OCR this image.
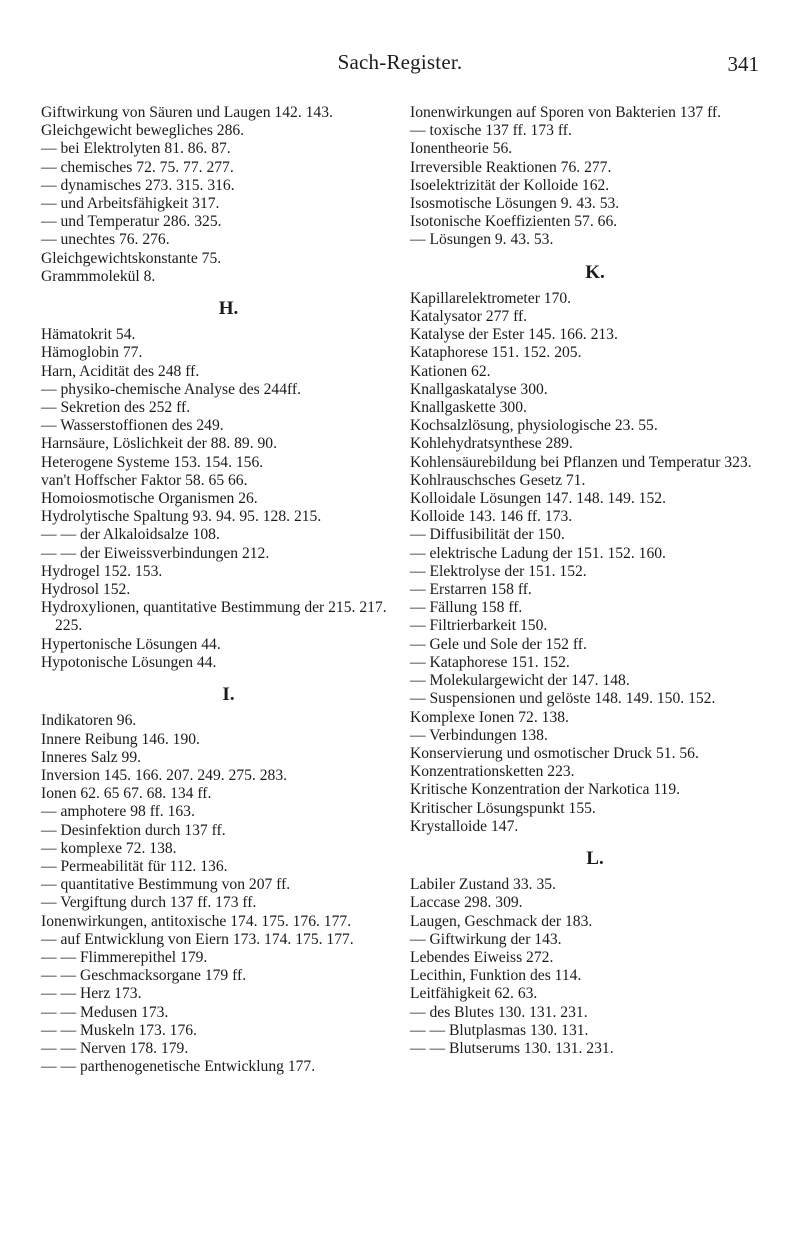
Sach-Register.	341
Giftwirkung von Säuren und Laugen 142. 143.
Gleichgewicht bewegliches 286.
— bei Elektrolyten 81. 86. 87.
— chemisches 72. 75. 77. 277.
— dynamisches 273. 315. 316.
— und Arbeitsfähigkeit 317.
— und Temperatur 286. 325.
— unechtes 76. 276.
Gleichgewichtskonstante 75.
Grammmolekül 8.
H.
Hämatokrit 54.
Hämoglobin 77.
Harn, Acidität des 248 ff.
— physiko-chemische Analyse des 244ff.
— Sekretion des 252 ff.
— Wasserstoffionen des 249.
Harnsäure, Löslichkeit der 88. 89. 90.
Heterogene Systeme 153. 154. 156.
van't Hoffscher Faktor 58. 65 66.
Homoiosmotische Organismen 26.
Hydrolytische Spaltung 93. 94. 95. 128. 215.
— — der Alkaloidsalze 108.
— — der Eiweissverbindungen 212.
Hydrogel 152. 153.
Hydrosol 152.
Hydroxylionen, quantitative Bestimmung der 215. 217. 225.
Hypertonische Lösungen 44.
Hypotonische Lösungen 44.
I.
Indikatoren 96.
Innere Reibung 146. 190.
Inneres Salz 99.
Inversion 145. 166. 207. 249. 275. 283.
Ionen 62. 65 67. 68. 134 ff.
— amphotere 98 ff. 163.
— Desinfektion durch 137 ff.
— komplexe 72. 138.
— Permeabilität für 112. 136.
— quantitative Bestimmung von 207 ff.
— Vergiftung durch 137 ff. 173 ff.
Ionenwirkungen, antitoxische 174. 175. 176. 177.
— auf Entwicklung von Eiern 173. 174. 175. 177.
— — Flimmerepithel 179.
— — Geschmacksorgane 179 ff.
— — Herz 173.
— — Medusen 173.
— — Muskeln 173. 176.
— — Nerven 178. 179.
— — parthenogenetische Entwicklung 177.
Ionenwirkungen auf Sporen von Bakterien 137 ff.
— toxische 137 ff. 173 ff.
Ionentheorie 56.
Irreversible Reaktionen 76. 277.
Isoelektrizität der Kolloide 162.
Isosmotische Lösungen 9. 43. 53.
Isotonische Koeffizienten 57. 66.
— Lösungen 9. 43. 53.
K.
Kapillarelektrometer 170.
Katalysator 277 ff.
Katalyse der Ester 145. 166. 213.
Kataphorese 151. 152. 205.
Kationen 62.
Knallgaskatalyse 300.
Knallgaskette 300.
Kochsalzlösung, physiologische 23. 55.
Kohlehydratsynthese 289.
Kohlensäurebildung bei Pflanzen und Temperatur 323.
Kohlrauschsches Gesetz 71.
Kolloidale Lösungen 147. 148. 149. 152.
Kolloide 143. 146 ff. 173.
— Diffusibilität der 150.
— elektrische Ladung der 151. 152. 160.
— Elektrolyse der 151. 152.
— Erstarren 158 ff.
— Fällung 158 ff.
— Filtrierbarkeit 150.
— Gele und Sole der 152 ff.
— Kataphorese 151. 152.
— Molekulargewicht der 147. 148.
— Suspensionen und gelöste 148. 149. 150. 152.
Komplexe Ionen 72. 138.
— Verbindungen 138.
Konservierung und osmotischer Druck 51. 56.
Konzentrationsketten 223.
Kritische Konzentration der Narkotica 119.
Kritischer Lösungspunkt 155.
Krystalloide 147.
L.
Labiler Zustand 33. 35.
Laccase 298. 309.
Laugen, Geschmack der 183.
— Giftwirkung der 143.
Lebendes Eiweiss 272.
Lecithin, Funktion des 114.
Leitfähigkeit 62. 63.
— des Blutes 130. 131. 231.
— — Blutplasmas 130. 131.
— — Blutserums 130. 131. 231.
